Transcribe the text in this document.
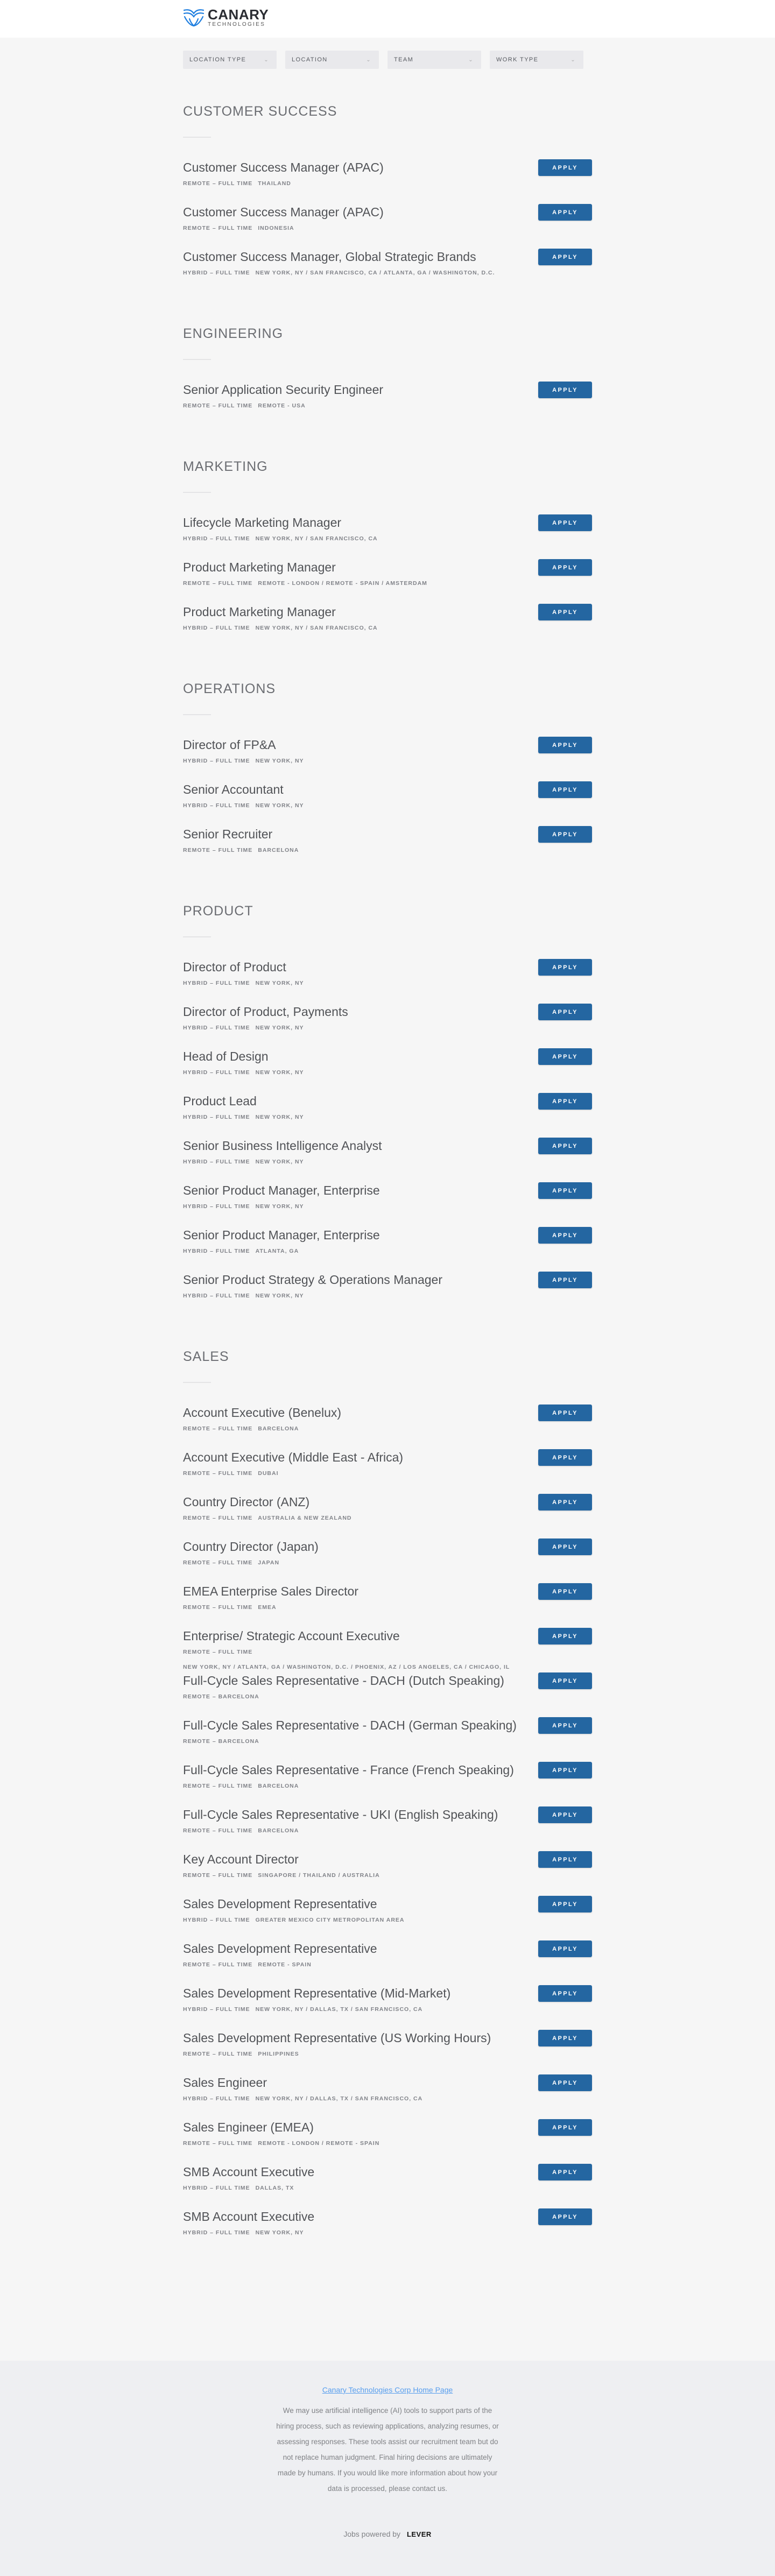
CANARY
TECHNOLOGIES
LOCATION TYPE	⌄	LOCATION	⌄	TEAM	⌄	WORK TYPE	⌄
CUSTOMER SUCCESS
Customer Success Manager (APAC)
REMOTE – FULL TIME THAILAND
APPLY
Customer Success Manager (APAC)
REMOTE – FULL TIME INDONESIA
APPLY
Customer Success Manager, Global Strategic Brands
HYBRID – FULL TIME NEW YORK, NY / SAN FRANCISCO, CA / ATLANTA, GA / WASHINGTON, D.C.
APPLY
ENGINEERING
Senior Application Security Engineer
REMOTE – FULL TIME REMOTE - USA
APPLY
MARKETING
Lifecycle Marketing Manager
HYBRID – FULL TIME NEW YORK, NY / SAN FRANCISCO, CA
APPLY
Product Marketing Manager
REMOTE – FULL TIME REMOTE - LONDON / REMOTE - SPAIN / AMSTERDAM
APPLY
Product Marketing Manager
HYBRID – FULL TIME NEW YORK, NY / SAN FRANCISCO, CA
APPLY
OPERATIONS
Director of FP&A
HYBRID – FULL TIME NEW YORK, NY
APPLY
Senior Accountant
HYBRID – FULL TIME NEW YORK, NY
APPLY
Senior Recruiter
REMOTE – FULL TIME BARCELONA
APPLY
PRODUCT
Director of Product
HYBRID – FULL TIME NEW YORK, NY
APPLY
Director of Product, Payments
HYBRID – FULL TIME NEW YORK, NY
APPLY
Head of Design
HYBRID – FULL TIME NEW YORK, NY
APPLY
Product Lead
HYBRID – FULL TIME NEW YORK, NY
APPLY
Senior Business Intelligence Analyst
HYBRID – FULL TIME NEW YORK, NY
APPLY
Senior Product Manager, Enterprise
HYBRID – FULL TIME NEW YORK, NY
APPLY
Senior Product Manager, Enterprise
HYBRID – FULL TIME ATLANTA, GA
APPLY
Senior Product Strategy & Operations Manager
HYBRID – FULL TIME NEW YORK, NY
APPLY
SALES
Account Executive (Benelux)
REMOTE – FULL TIME BARCELONA
APPLY
Account Executive (Middle East - Africa)
REMOTE – FULL TIME DUBAI
APPLY
Country Director (ANZ)
REMOTE – FULL TIME AUSTRALIA & NEW ZEALAND
APPLY
Country Director (Japan)
REMOTE – FULL TIME JAPAN
APPLY
EMEA Enterprise Sales Director
REMOTE – FULL TIME EMEA
APPLY
Enterprise/ Strategic Account Executive
REMOTE – FULL TIME
NEW YORK, NY / ATLANTA, GA / WASHINGTON, D.C. / PHOENIX, AZ / LOS ANGELES, CA / CHICAGO, IL
APPLY
Full-Cycle Sales Representative - DACH (Dutch Speaking)
REMOTE – BARCELONA
APPLY
Full-Cycle Sales Representative - DACH (German Speaking)
REMOTE – BARCELONA
APPLY
Full-Cycle Sales Representative - France (French Speaking)
REMOTE – FULL TIME BARCELONA
APPLY
Full-Cycle Sales Representative - UKI (English Speaking)
REMOTE – FULL TIME BARCELONA
APPLY
Key Account Director
REMOTE – FULL TIME SINGAPORE / THAILAND / AUSTRALIA
APPLY
Sales Development Representative
HYBRID – FULL TIME GREATER MEXICO CITY METROPOLITAN AREA
APPLY
Sales Development Representative
REMOTE – FULL TIME REMOTE - SPAIN
APPLY
Sales Development Representative (Mid-Market)
HYBRID – FULL TIME NEW YORK, NY / DALLAS, TX / SAN FRANCISCO, CA
APPLY
Sales Development Representative (US Working Hours)
REMOTE – FULL TIME PHILIPPINES
APPLY
Sales Engineer
HYBRID – FULL TIME NEW YORK, NY / DALLAS, TX / SAN FRANCISCO, CA
APPLY
Sales Engineer (EMEA)
REMOTE – FULL TIME REMOTE - LONDON / REMOTE - SPAIN
APPLY
SMB Account Executive
HYBRID – FULL TIME DALLAS, TX
APPLY
SMB Account Executive
HYBRID – FULL TIME NEW YORK, NY
APPLY
Canary Technologies Corp Home Page

We may use artificial intelligence (AI) tools to support parts of the hiring process, such as reviewing applications, analyzing resumes, or assessing responses. These tools assist our recruitment team but do not replace human judgment. Final hiring decisions are ultimately made by humans. If you would like more information about how your data is processed, please contact us.

Jobs powered by LEVER
